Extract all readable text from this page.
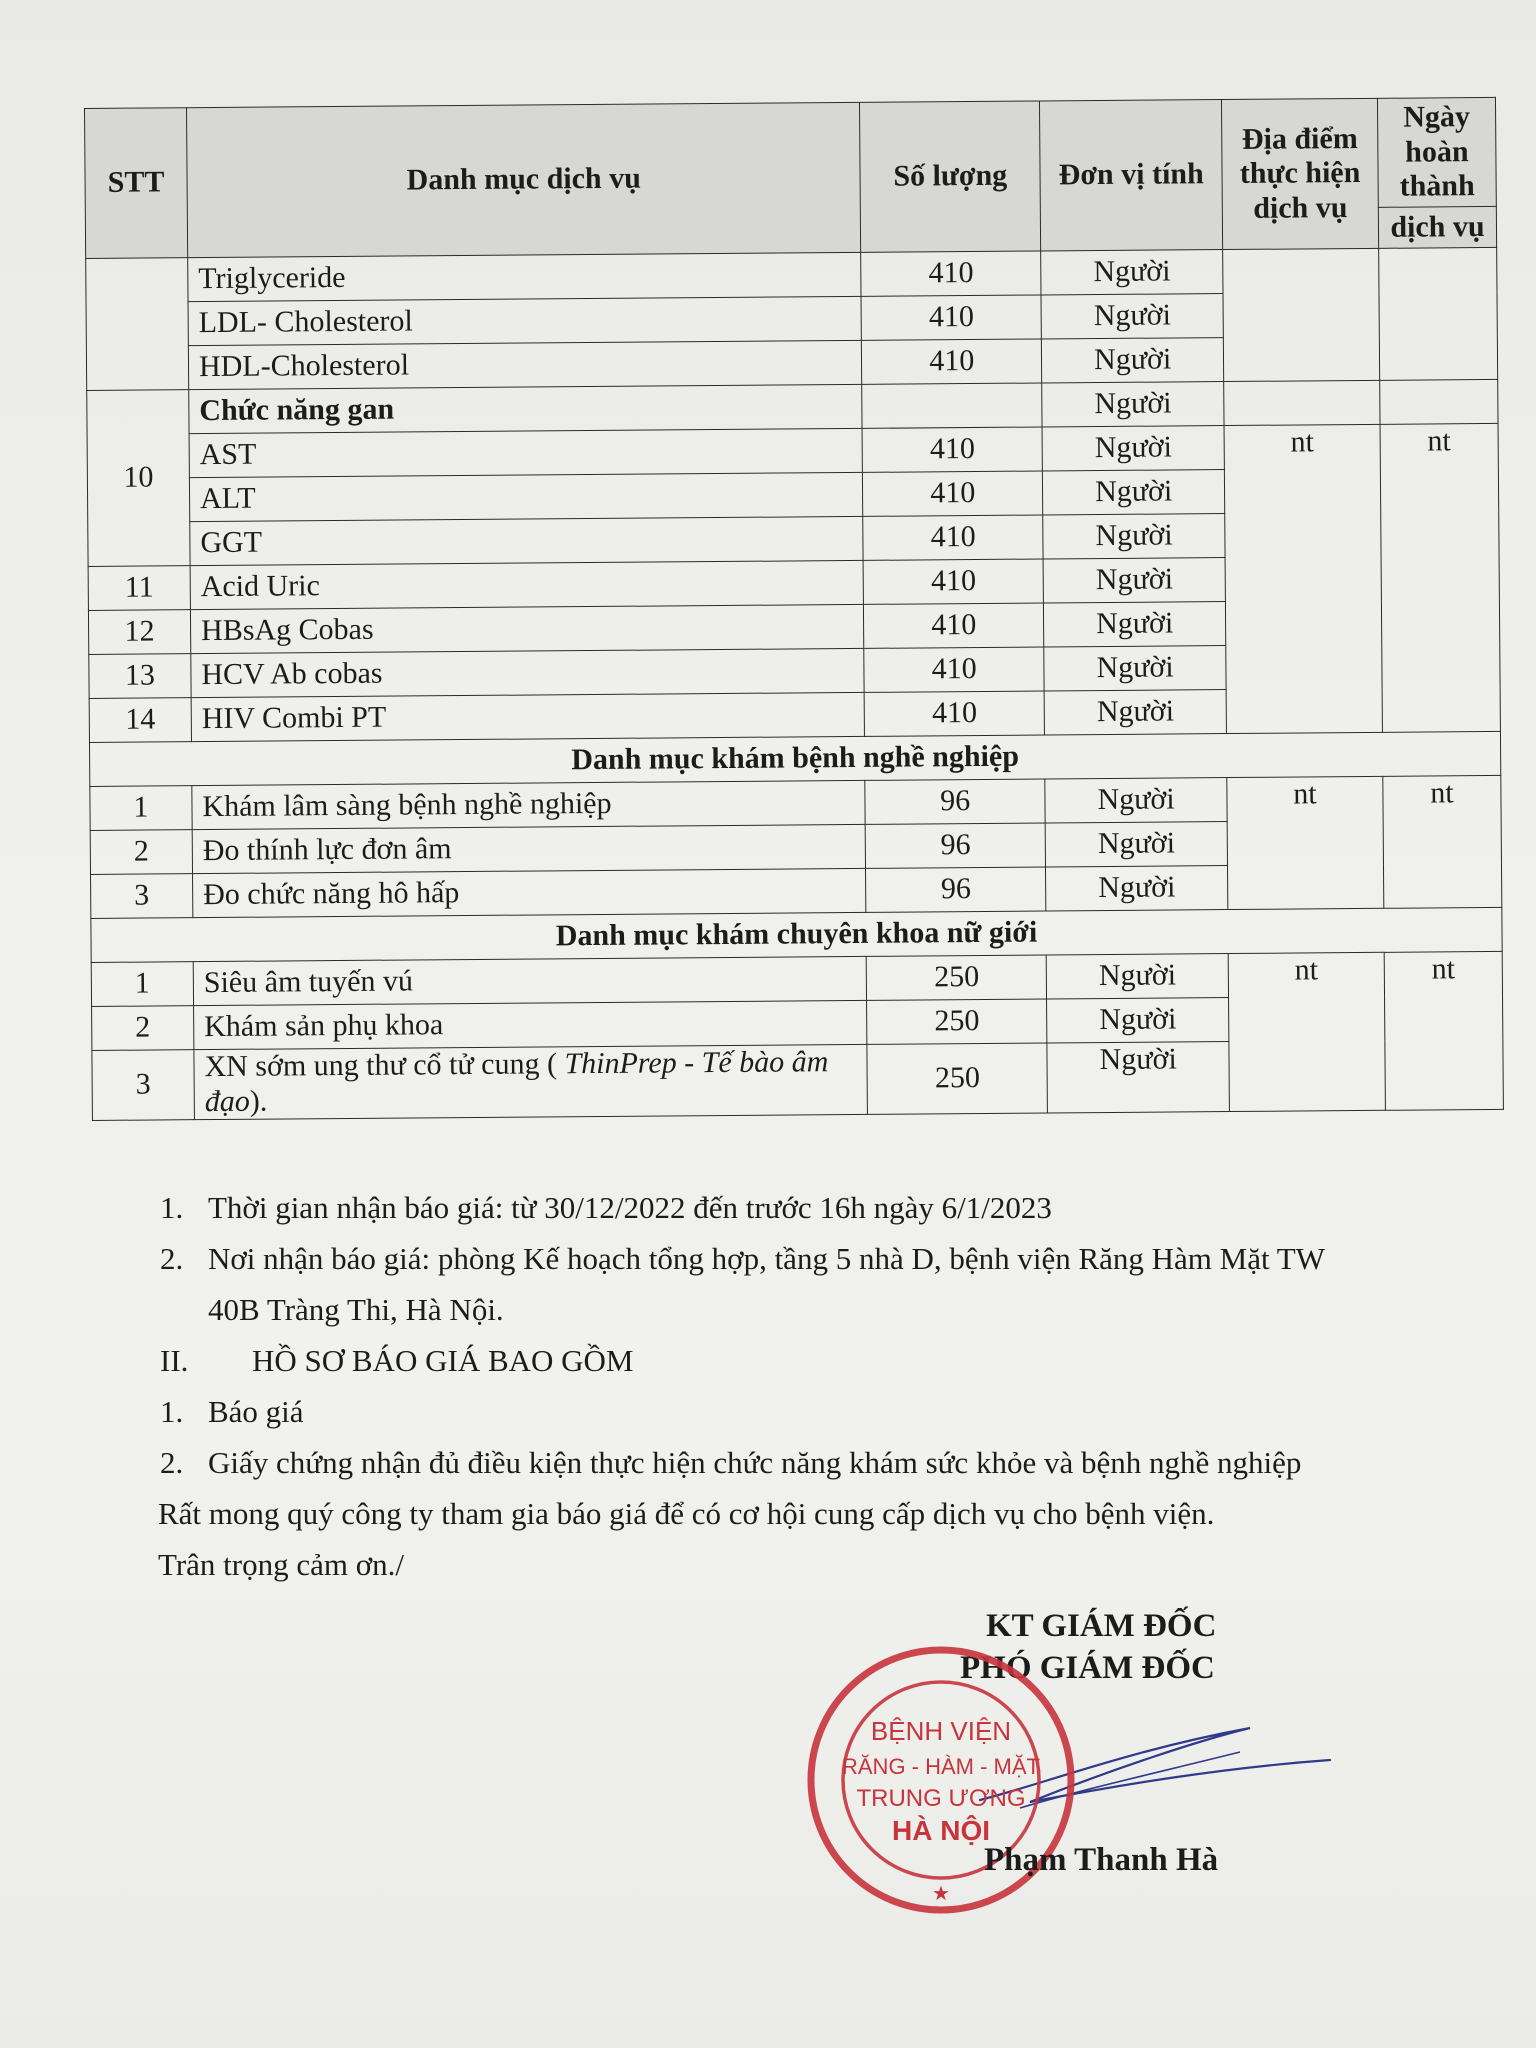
STT	Danh mục dịch vụ	Số lượng	Đơn vị tính	Địa điểm thực hiện dịch vụ	Ngày hoàn thành
					dịch vụ
	Triglyceride	410	Người		
	LDL- Cholesterol	410	Người		
	HDL-Cholesterol	410	Người		
10	Chức năng gan		Người		
	AST	410	Người	nt	nt
	ALT	410	Người		
	GGT	410	Người		
11	Acid Uric	410	Người		
12	HBsAg Cobas	410	Người		
13	HCV Ab cobas	410	Người		
14	HIV Combi PT	410	Người		
Danh mục khám bệnh nghề nghiệp					
1	Khám lâm sàng bệnh nghề nghiệp	96	Người	nt	nt
2	Đo thính lực đơn âm	96	Người		
3	Đo chức năng hô hấp	96	Người		
Danh mục khám chuyên khoa nữ giới					
1	Siêu âm tuyến vú	250	Người	nt	nt
2	Khám sản phụ khoa	250	Người		
3	XN sớm ung thư cổ tử cung ( ThinPrep - Tế bào âm đạo).	250	Người		
1. Thời gian nhận báo giá: từ 30/12/2022 đến trước 16h ngày 6/1/2023
2. Nơi nhận báo giá: phòng Kế hoạch tổng hợp, tầng 5 nhà D, bệnh viện Răng Hàm Mặt TW
40B Tràng Thi, Hà Nội.
II.	HỒ SƠ BÁO GIÁ BAO GỒM
1. Báo giá
2. Giấy chứng nhận đủ điều kiện thực hiện chức năng khám sức khỏe và bệnh nghề nghiệp
Rất mong quý công ty tham gia báo giá để có cơ hội cung cấp dịch vụ cho bệnh viện.
Trân trọng cảm ơn./
KT GIÁM ĐỐC
PHÓ GIÁM ĐỐC
BỆNH VIỆN
RĂNG - HÀM - MẶT
TRUNG ƯƠNG
HÀ NỘI
★
Phạm Thanh Hà
